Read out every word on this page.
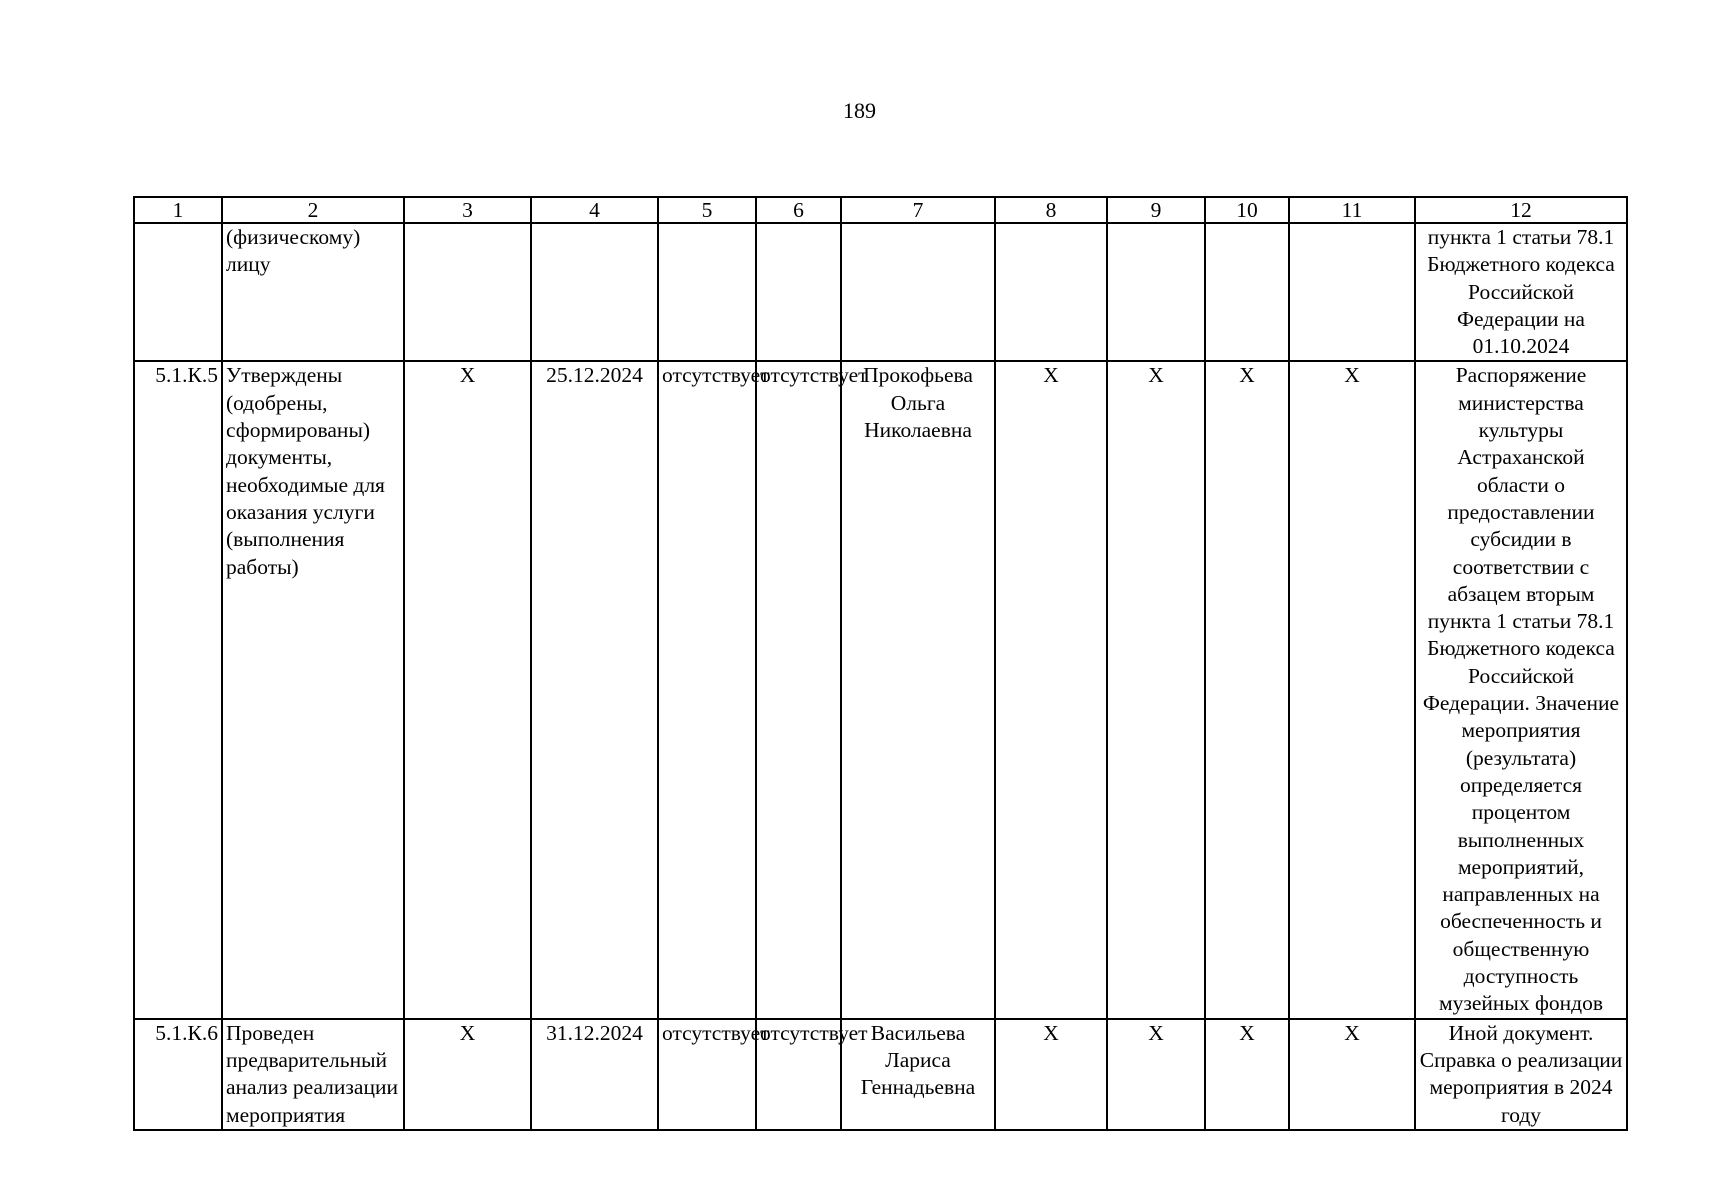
189
1	2	3	4	5	6	7	8	9	10	11	12
	(физическому) лицу										пункта 1 статьи 78.1 Бюджетного кодекса Российской Федерации на 01.10.2024
5.1.К.5	Утверждены (одобрены, сформированы) документы, необходимые для оказания услуги (выполнения работы)	X	25.12.2024	отсутствует	отсутствует	Прокофьева Ольга Николаевна	X	X	X	X	Распоряжение министерства культуры Астраханской области о предоставлении субсидии в соответствии с абзацем вторым пункта 1 статьи 78.1 Бюджетного кодекса Российской Федерации. Значение мероприятия (результата) определяется процентом выполненных мероприятий, направленных на обеспеченность и общественную доступность музейных фондов
5.1.К.6	Проведен предварительный анализ реализации мероприятия	X	31.12.2024	отсутствует	отсутствует	Васильева Лариса Геннадьевна	X	X	X	X	Иной документ. Справка о реализации мероприятия в 2024 году
